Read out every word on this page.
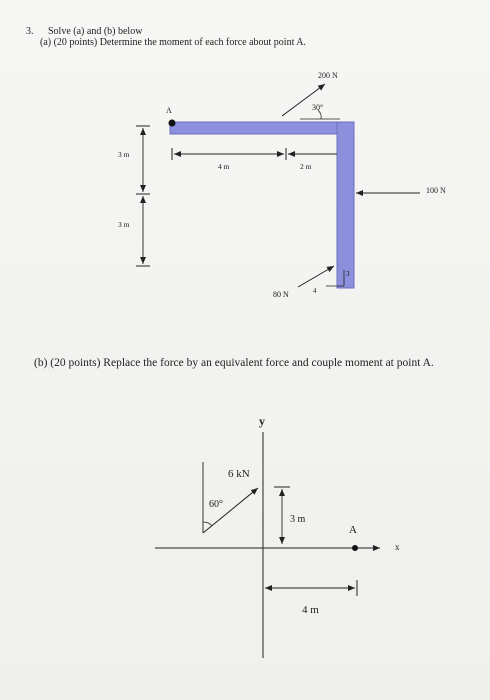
3. Solve (a) and (b) below
(a) (20 points) Determine the moment of each force about point A.
(b) (20 points) Replace the force by an equivalent force and couple moment at point A.
A
200 N
30°
100 N
80 N
3
4
4 m	2 m
3 m
3 m
y
x
6 kN
60°
3 m
A
4 m
